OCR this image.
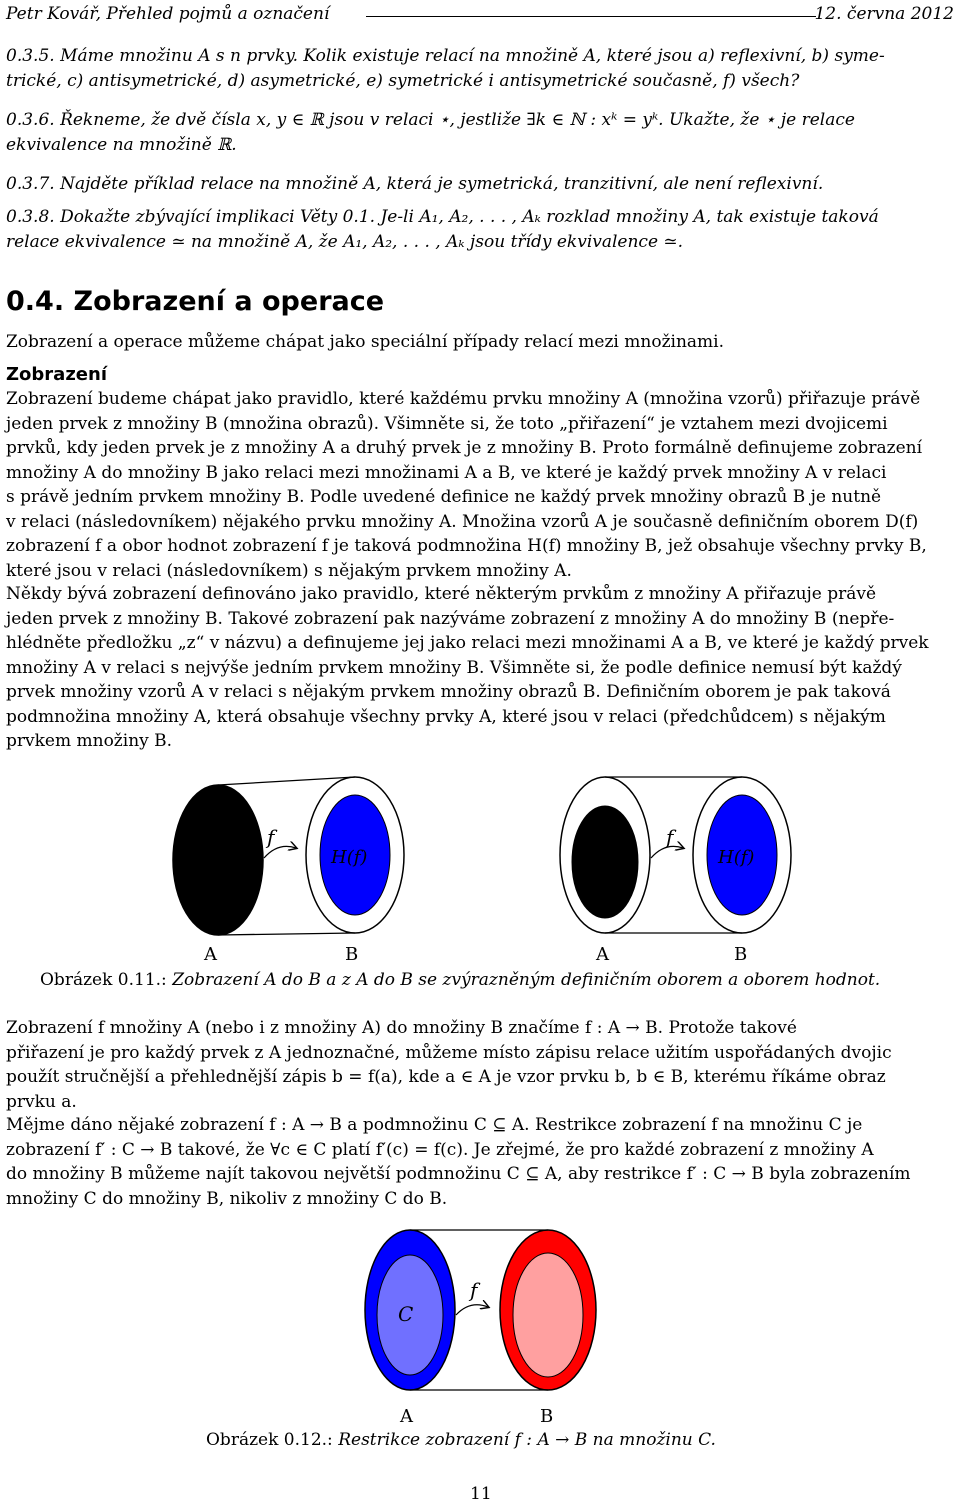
Petr Kovář, Přehled pojmů a označení	12. června 2012
0.3.5. Máme množinu A s n prvky. Kolik existuje relací na množině A, které jsou a) reflexivní, b) syme-
trické, c) antisymetrické, d) asymetrické, e) symetrické i antisymetrické současně, f) všech?
0.3.6. Řekneme, že dvě čísla x, y ∈ ℝ jsou v relaci ⋆, jestliže ∃k ∈ ℕ : xᵏ = yᵏ. Ukažte, že ⋆ je relace
ekvivalence na množině ℝ.
0.3.7. Najděte příklad relace na množině A, která je symetrická, tranzitivní, ale není reflexivní.
0.3.8. Dokažte zbývající implikaci Věty 0.1. Je-li A₁, A₂, . . . , Aₖ rozklad množiny A, tak existuje taková
relace ekvivalence ≃ na množině A, že A₁, A₂, . . . , Aₖ jsou třídy ekvivalence ≃.
0.4. Zobrazení a operace
Zobrazení a operace můžeme chápat jako speciální případy relací mezi množinami.
Zobrazení
Zobrazení budeme chápat jako pravidlo, které každému prvku množiny A (množina vzorů) přiřazuje právě
jeden prvek z množiny B (množina obrazů). Všimněte si, že toto „přiřazení“ je vztahem mezi dvojicemi
prvků, kdy jeden prvek je z množiny A a druhý prvek je z množiny B. Proto formálně definujeme zobrazení
množiny A do množiny B jako relaci mezi množinami A a B, ve které je každý prvek množiny A v relaci
s právě jedním prvkem množiny B. Podle uvedené definice ne každý prvek množiny obrazů B je nutně
v relaci (následovníkem) nějakého prvku množiny A. Množina vzorů A je současně definičním oborem D(f)
zobrazení f a obor hodnot zobrazení f je taková podmnožina H(f) množiny B, jež obsahuje všechny prvky B,
které jsou v relaci (následovníkem) s nějakým prvkem množiny A.
Někdy bývá zobrazení definováno jako pravidlo, které některým prvkům z množiny A přiřazuje právě
jeden prvek z množiny B. Takové zobrazení pak nazýváme zobrazení z množiny A do množiny B (nepře-
hlédněte předložku „z“ v názvu) a definujeme jej jako relaci mezi množinami A a B, ve které je každý prvek
množiny A v relaci s nejvýše jedním prvkem množiny B. Všimněte si, že podle definice nemusí být každý
prvek množiny vzorů A v relaci s nějakým prvkem množiny obrazů B. Definičním oborem je pak taková
podmnožina množiny A, která obsahuje všechny prvky A, které jsou v relaci (předchůdcem) s nějakým
prvkem množiny B.
f
H(f)
A	B
f
H(f)
A	B
Obrázek 0.11.: Zobrazení A do B a z A do B se zvýrazněným definičním oborem a oborem hodnot.
Zobrazení f množiny A (nebo i z množiny A) do množiny B značíme f : A → B. Protože takové
přiřazení je pro každý prvek z A jednoznačné, můžeme místo zápisu relace užitím uspořádaných dvojic
použít stručnější a přehlednější zápis b = f(a), kde a ∈ A je vzor prvku b, b ∈ B, kterému říkáme obraz
prvku a.
Mějme dáno nějaké zobrazení f : A → B a podmnožinu C ⊆ A. Restrikce zobrazení f na množinu C je
zobrazení f′ : C → B takové, že ∀c ∈ C platí f′(c) = f(c). Je zřejmé, že pro každé zobrazení z množiny A
do množiny B můžeme najít takovou největší podmnožinu C ⊆ A, aby restrikce f′ : C → B byla zobrazením
množiny C do množiny B, nikoliv z množiny C do B.
f
C
A	B
Obrázek 0.12.: Restrikce zobrazení f : A → B na množinu C.
11
